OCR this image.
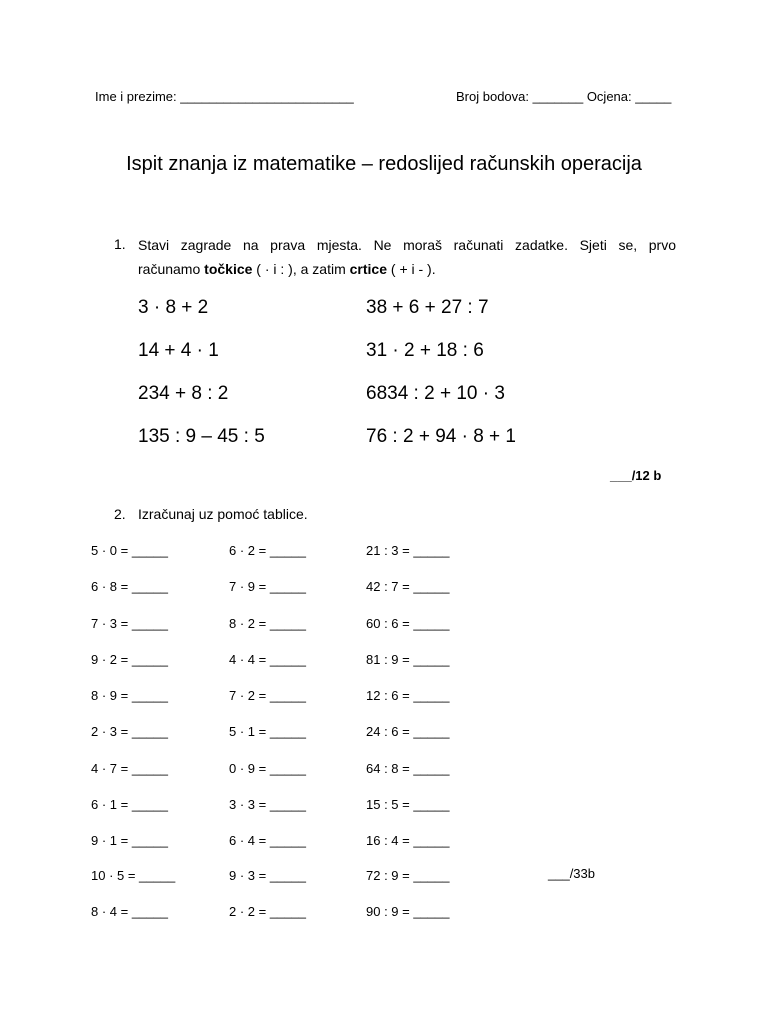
Ime i prezime: ________________________	Broj bodova: _______ Ocjena: _____
Ispit znanja iz matematike – redoslijed računskih operacija
1. Stavi zagrade na prava mjesta. Ne moraš računati zadatke. Sjeti se, prvo
računamo točkice ( · i : ), a zatim crtice ( + i - ).
3 · 8 + 2
14 + 4 · 1
234 + 8 : 2
135 : 9 – 45 : 5
38 + 6 + 27 : 7
31 · 2 + 18 : 6
6834 : 2 + 10 · 3
76 : 2 + 94 · 8 + 1
___/12 b
2. Izračunaj uz pomoć tablice.
5 · 0 = _____
6 · 8 = _____
7 · 3 = _____
9 · 2 = _____
8 · 9 = _____
2 · 3 = _____
4 · 7 = _____
6 · 1 = _____
9 · 1 = _____
10 · 5 = _____
8 · 4 = _____
6 · 2 = _____
7 · 9 = _____
8 · 2 = _____
4 · 4 = _____
7 · 2 = _____
5 · 1 = _____
0 · 9 = _____
3 · 3 = _____
6 · 4 = _____
9 · 3 = _____
2 · 2 = _____
21 : 3 = _____
42 : 7 = _____
60 : 6 = _____
81 : 9 = _____
12 : 6 = _____
24 : 6 = _____
64 : 8 = _____
15 : 5 = _____
16 : 4 = _____
72 : 9 = _____
90 : 9 = _____
___/33b
